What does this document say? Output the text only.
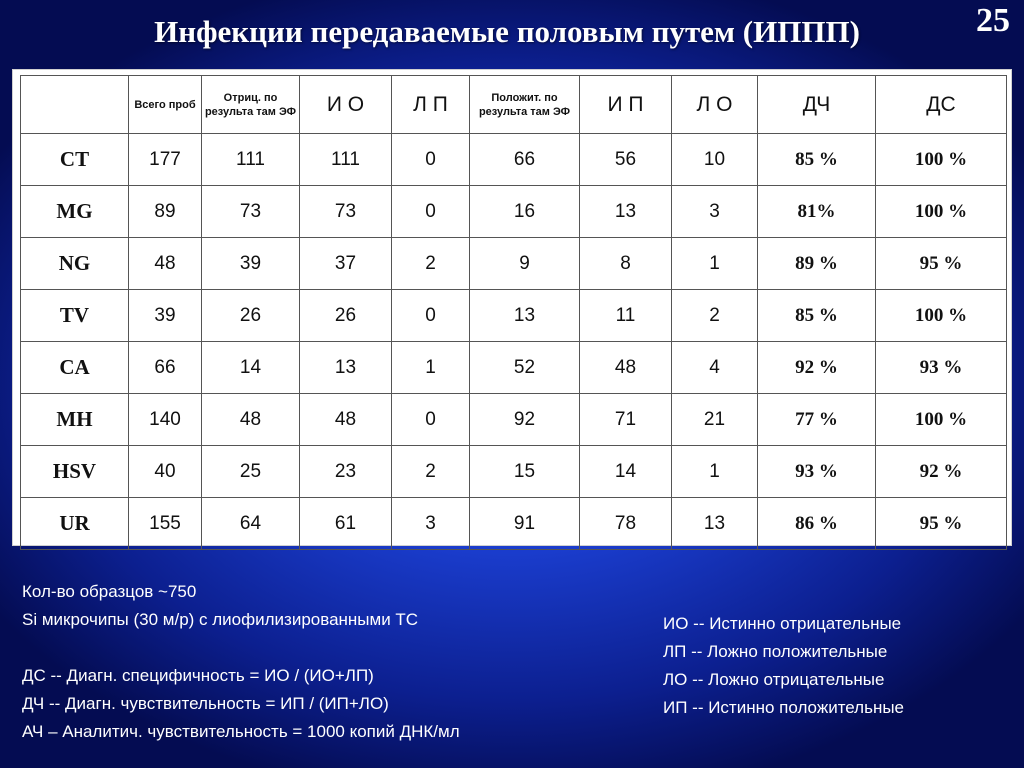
Инфекции передаваемые половым путем (ИППП)	25
	Всего проб	Отриц. по результа там ЭФ	И О	Л П	Положит. по результа там ЭФ	И П	Л О	ДЧ	ДС
CT	177	111	111	0	66	56	10	85 %	100 %
MG	89	73	73	0	16	13	3	81%	100 %
NG	48	39	37	2	9	8	1	89 %	95 %
TV	39	26	26	0	13	11	2	85 %	100 %
CA	66	14	13	1	52	48	4	92 %	93 %
MH	140	48	48	0	92	71	21	77 %	100 %
HSV	40	25	23	2	15	14	1	93 %	92 %
UR	155	64	61	3	91	78	13	86 %	95 %
Кол-во образцов ~750
Si микрочипы (30 м/р) с лиофилизированными ТС
ДС -- Диагн. специфичность = ИО / (ИО+ЛП)
ДЧ -- Диагн. чувствительность = ИП / (ИП+ЛО)
АЧ – Аналитич. чувствительность = 1000 копий ДНК/мл
ИО -- Истинно отрицательные
ЛП -- Ложно положительные
ЛО -- Ложно отрицательные
ИП -- Истинно положительные
